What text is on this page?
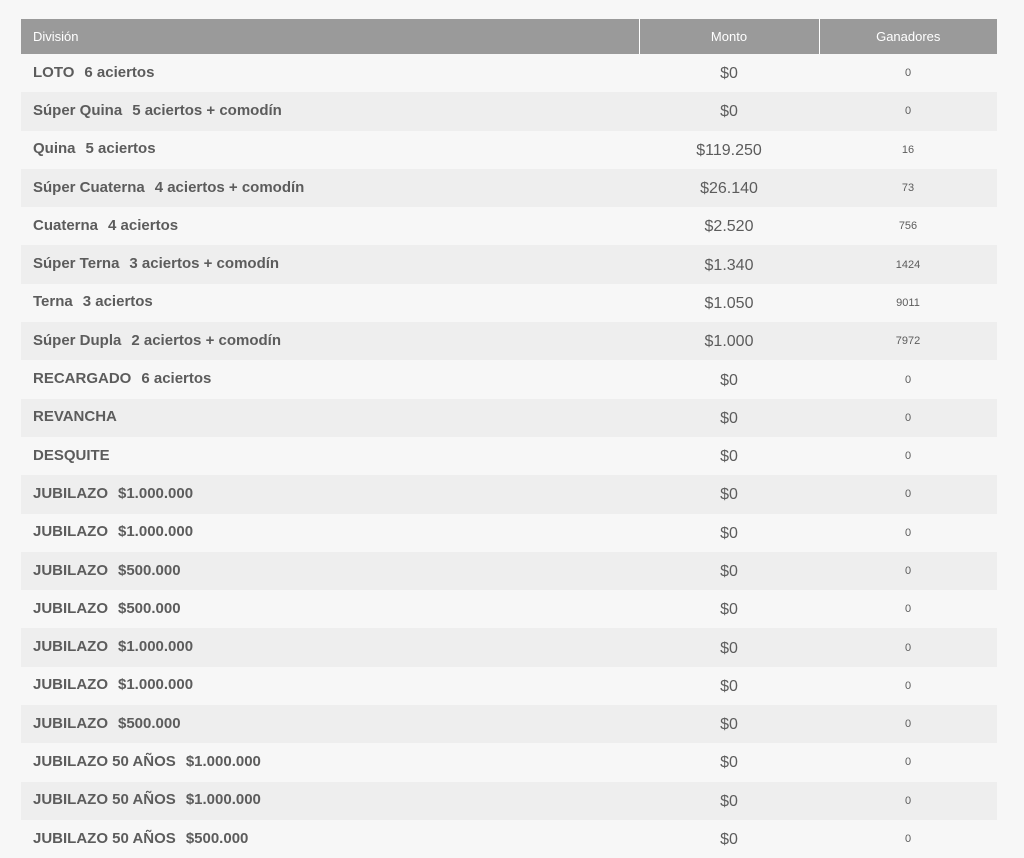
División	Monto	Ganadores
LOTO 6 aciertos	$0	0
Súper Quina 5 aciertos + comodín	$0	0
Quina 5 aciertos	$119.250	16
Súper Cuaterna 4 aciertos + comodín	$26.140	73
Cuaterna 4 aciertos	$2.520	756
Súper Terna 3 aciertos + comodín	$1.340	1424
Terna 3 aciertos	$1.050	9011
Súper Dupla 2 aciertos + comodín	$1.000	7972
RECARGADO 6 aciertos	$0	0
REVANCHA	$0	0
DESQUITE	$0	0
JUBILAZO $1.000.000	$0	0
JUBILAZO $1.000.000	$0	0
JUBILAZO $500.000	$0	0
JUBILAZO $500.000	$0	0
JUBILAZO $1.000.000	$0	0
JUBILAZO $1.000.000	$0	0
JUBILAZO $500.000	$0	0
JUBILAZO 50 AÑOS $1.000.000	$0	0
JUBILAZO 50 AÑOS $1.000.000	$0	0
JUBILAZO 50 AÑOS $500.000	$0	0
